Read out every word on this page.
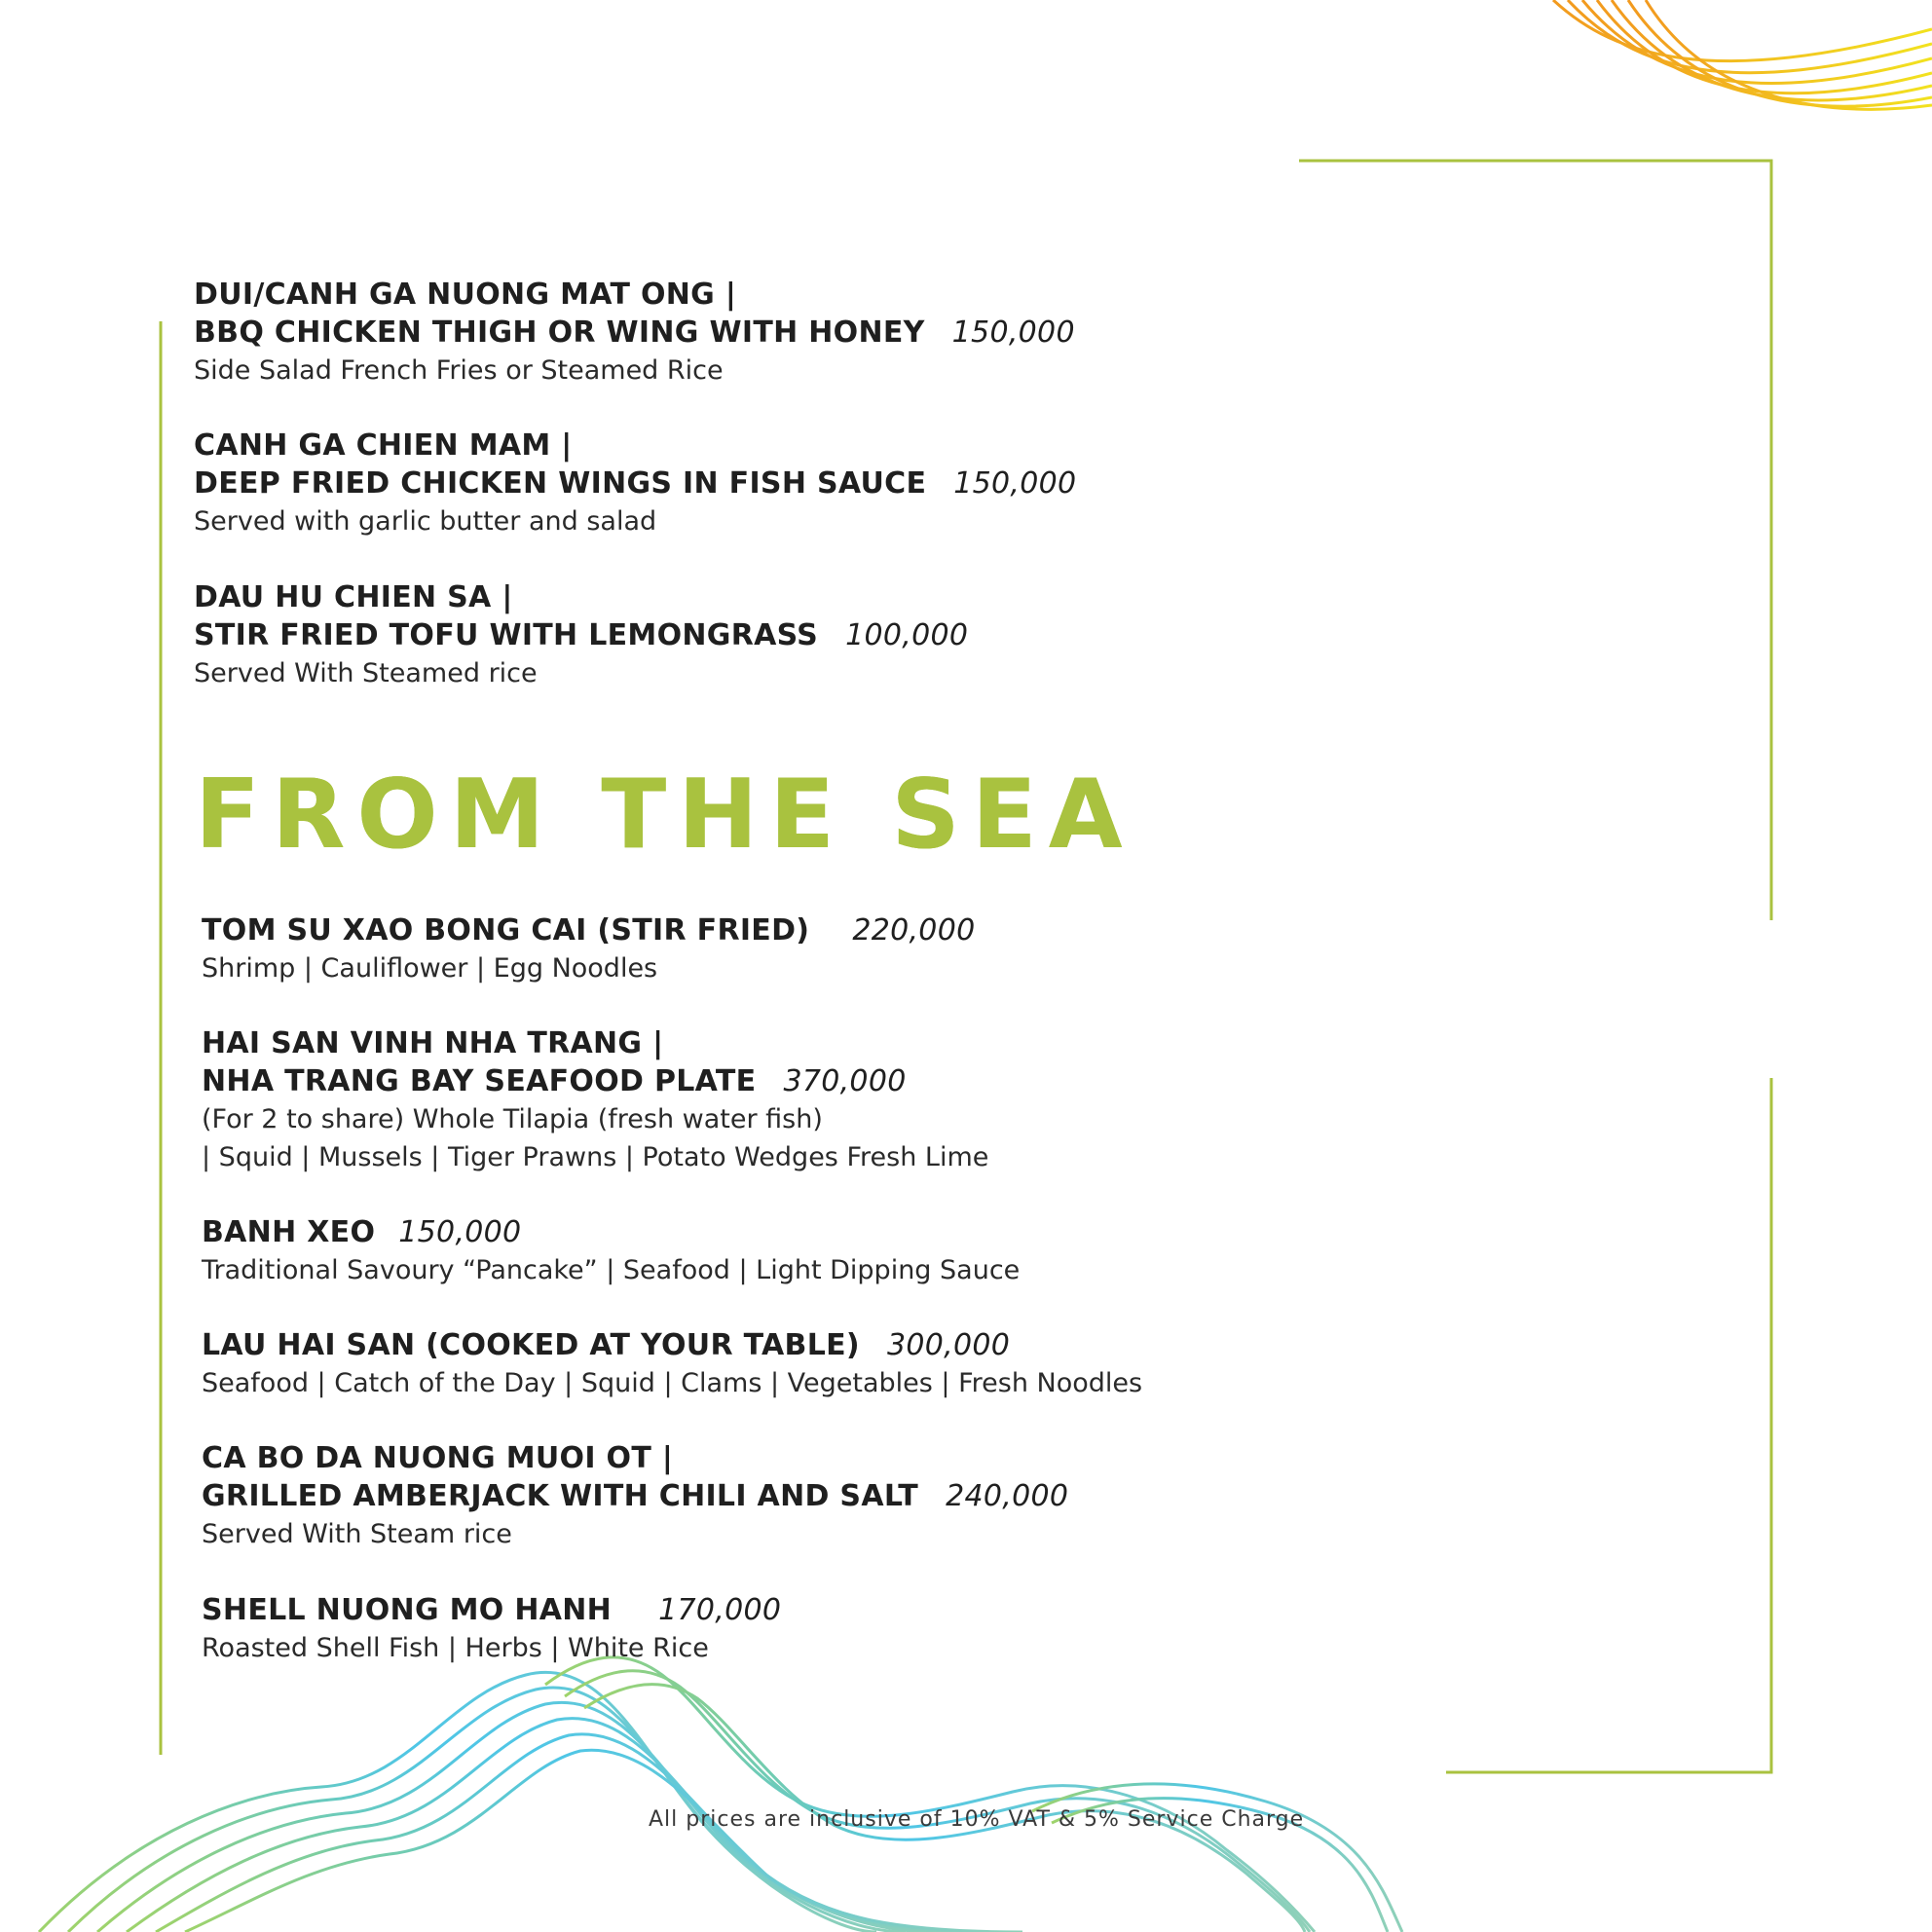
DUI/CANH GA NUONG MAT ONG |
BBQ CHICKEN THIGH OR WING WITH HONEY 150,000
Side Salad French Fries or Steamed Rice
CANH GA CHIEN MAM |
DEEP FRIED CHICKEN WINGS IN FISH SAUCE 150,000
Served with garlic butter and salad
DAU HU CHIEN SA |
STIR FRIED TOFU WITH LEMONGRASS 100,000
Served With Steamed rice
FROM THE SEA
TOM SU XAO BONG CAI (STIR FRIED) 220,000
Shrimp | Cauliflower | Egg Noodles
HAI SAN VINH NHA TRANG |
NHA TRANG BAY SEAFOOD PLATE 370,000
(For 2 to share) Whole Tilapia (fresh water fish)
| Squid | Mussels | Tiger Prawns | Potato Wedges Fresh Lime
BANH XEO 150,000
Traditional Savoury “Pancake” | Seafood | Light Dipping Sauce
LAU HAI SAN (COOKED AT YOUR TABLE) 300,000
Seafood | Catch of the Day | Squid | Clams | Vegetables | Fresh Noodles
CA BO DA NUONG MUOI OT |
GRILLED AMBERJACK WITH CHILI AND SALT 240,000
Served With Steam rice
SHELL NUONG MO HANH 170,000
Roasted Shell Fish | Herbs | White Rice
All prices are inclusive of 10% VAT & 5% Service Charge
